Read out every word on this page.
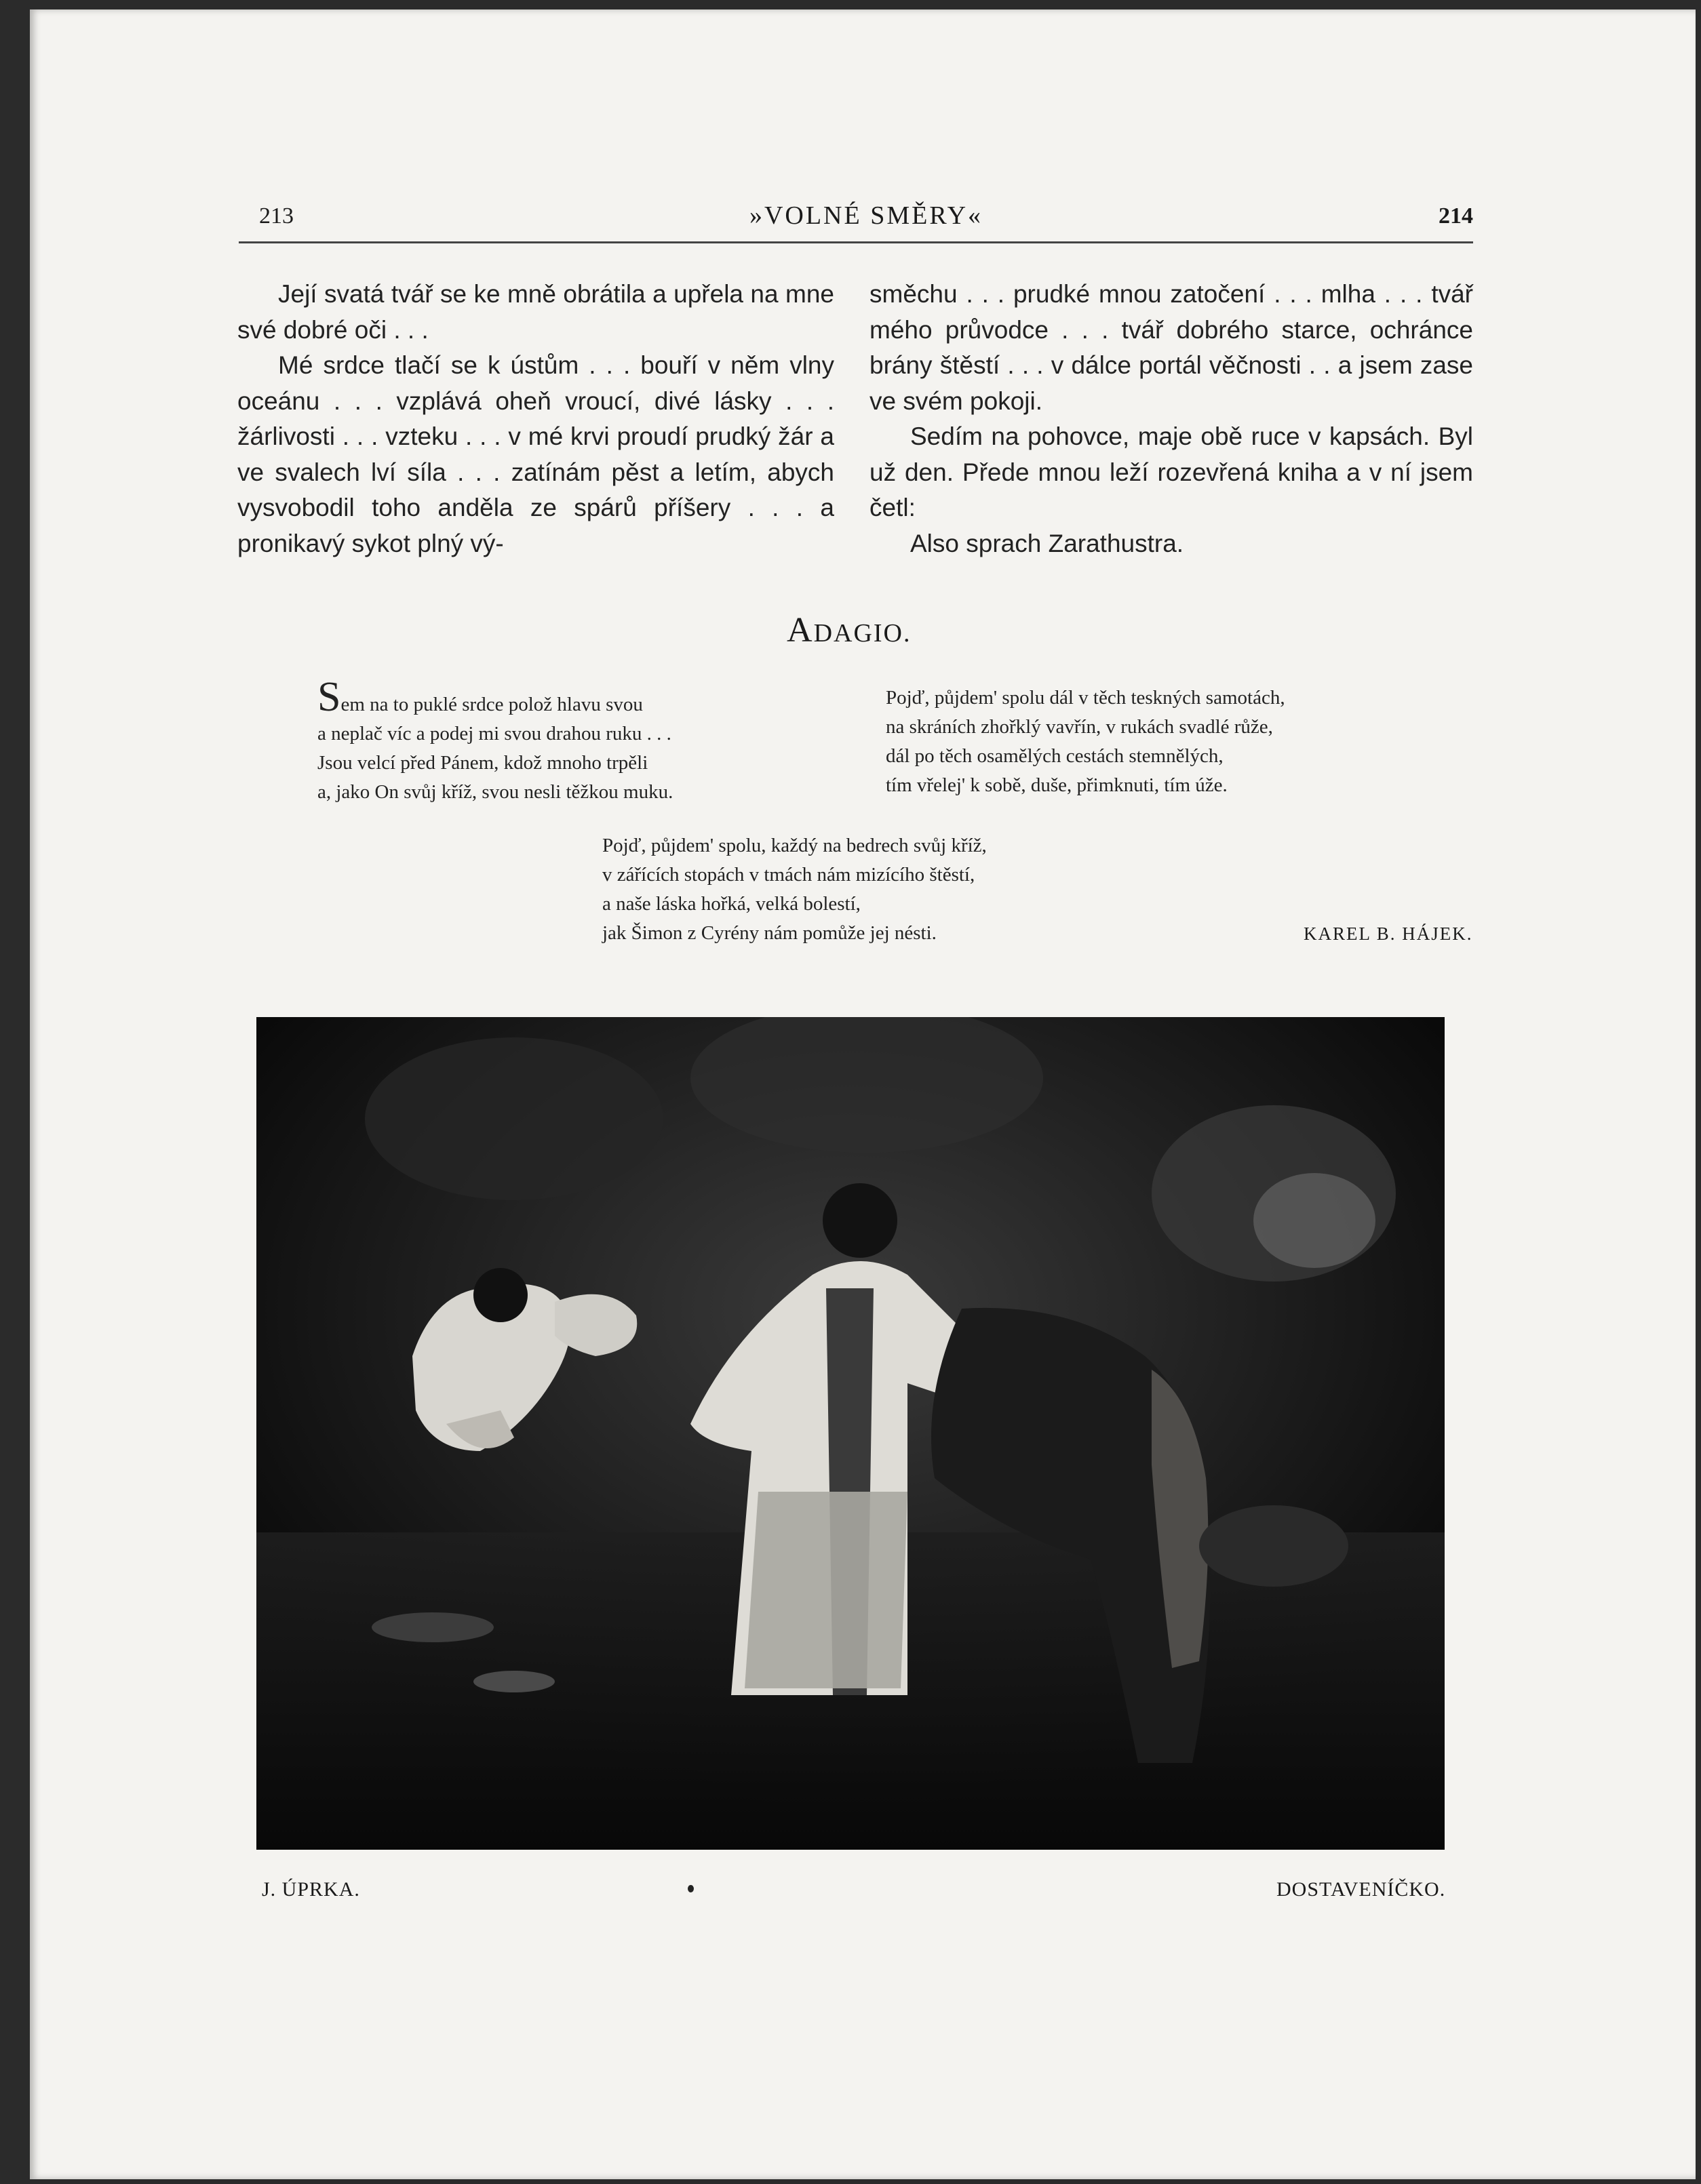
213	»VOLNÉ SMĚRY«	214

Její svatá tvář se ke mně obrátila a upřela na mne své dobré oči . . .

Mé srdce tlačí se k ústům . . . bouří v něm vlny oceánu . . . vzplává oheň vroucí, divé lásky . . . žárlivosti . . . vzteku . . . v mé krvi proudí prudký žár a ve svalech lví síla . . . zatínám pěst a letím, abych vysvobodil toho anděla ze spárů příšery . . . a pronikavý sykot plný vý-

směchu . . . prudké mnou zatočení . . . mlha . . . tvář mého průvodce . . . tvář dobrého starce, ochránce brány štěstí . . . v dálce portál věčnosti . . a jsem zase ve svém pokoji.

Sedím na pohovce, maje obě ruce v kapsách. Byl už den. Přede mnou leží rozevřená kniha a v ní jsem četl:

Also sprach Zarathustra.

ADAGIO.
Sem na to puklé srdce polož hlavu svou
a neplač víc a podej mi svou drahou ruku . . .
Jsou velcí před Pánem, kdož mnoho trpěli
a, jako On svůj kříž, svou nesli těžkou muku.
Pojď, půjdem' spolu dál v těch teskných samotách,
na skráních zhořklý vavřín, v rukách svadlé růže,
dál po těch osamělých cestách stemnělých,
tím vřelej' k sobě, duše, přimknuti, tím úže.
Pojď, půjdem' spolu, každý na bedrech svůj kříž,
v zářících stopách v tmách nám mizícího štěstí,
a naše láska hořká, velká bolestí,
jak Šimon z Cyrény nám pomůže jej nésti.	KAREL B. HÁJEK.
J. ÚPRKA.	DOSTAVENÍČKO.
